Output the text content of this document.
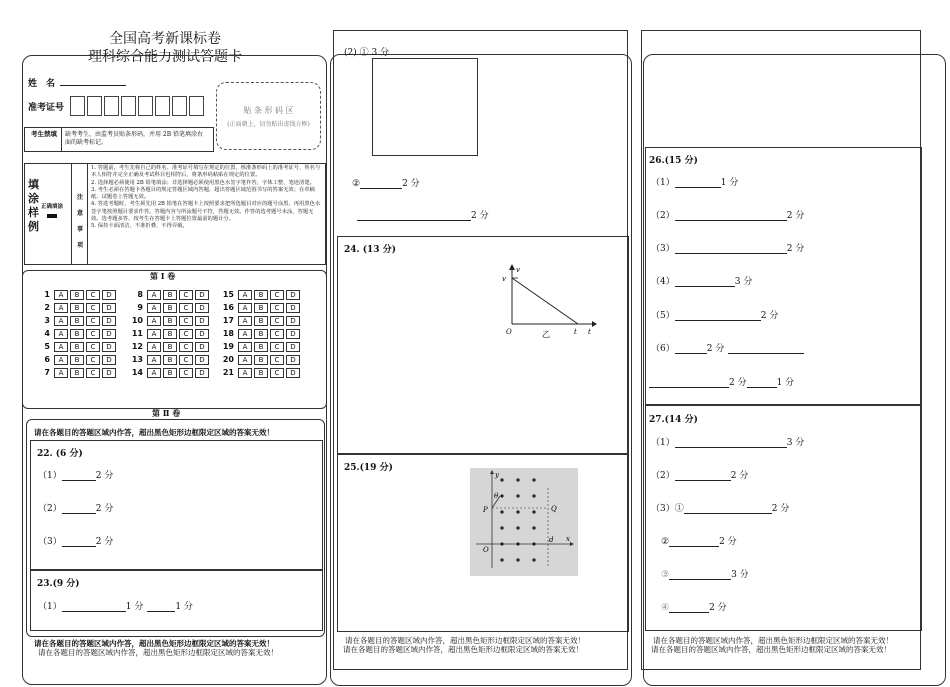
全国高考新课标卷
理科综合能力测试答题卡
姓　名
准考证号	贴 条 形 码 区
(正面朝上，切勿贴出虚线方框)
考生禁填 缺考考生，由监考员贴条形码，并用 2B 铅笔填涂右面的缺考标记。
填涂样例
正确填涂
注意事项
1. 答题前，考生先将自己的姓名、准考证号填写在规定的位置，核准条形码上的准考证号、姓名与本人相符并完全正确及考试科目也相符后，将条形码粘贴在规定的位置。
2. 选择题必须使用 2B 铅笔填涂；非选择题必须使用黑色水签字笔作答，字体工整、笔迹清楚。
3. 考生必须在答题卡各题目的规定答题区域内答题，超出答题区域范围书写的答案无效；在草稿纸、试题卷上答题无效。
4. 答选考题时，考生须先用 2B 铅笔在答题卡上按照要求把所选题目对应的题号涂黑，再用黑色水签字笔按照题目要求作答。答题内容与所涂题号不符，答题无效。作答的选考题号未涂，答题无效。选考题多答，按考生在答题卡上答题位置最前的题计分。
5. 保持卡面清洁，不准折叠、不得弄破。
第 Ⅰ 卷
1 A B C D
2 A B C D
3 A B C D
4 A B C D
5 A B C D
6 A B C D
7 A B C D
8 A B C D
9 A B C D
10 A B C D
11 A B C D
12 A B C D
13 A B C D
14 A B C D
15 A B C D
16 A B C D
17 A B C D
18 A B C D
19 A B C D
20 A B C D
21 A B C D
第 Ⅱ 卷
请在各题目的答题区域内作答，超出黑色矩形边框限定区域的答案无效！
22. (6 分)
（1）	2 分
（2）	2 分
（3）	2 分
23.(9 分)
（1）	1 分	1 分
请在各题目的答题区域内作答，超出黑色矩形边框限定区域的答案无效！
请在各题目的答题区域内作答，超出黑色矩形边框限定区域的答案无效！
(2) ① 3 分
②	2 分
2 分
24. (13 分)
v
v
O	t t
乙
25.(19 分)
y
θ
P	Q
O
d x
请在各题目的答题区域内作答，超出黑色矩形边框限定区域的答案无效！
请在各题目的答题区域内作答，超出黑色矩形边框限定区域的答案无效！
26.(15 分)
（1）	1 分
（2）	2 分
（3）	2 分
（4）	3 分
（5）	2 分
（6）	2 分
2 分	1 分
27.(14 分)
（1）	3 分
（2）	2 分
（3）①	2 分
②	2 分
③	3 分
④	2 分
请在各题目的答题区域内作答，超出黑色矩形边框限定区域的答案无效！
请在各题目的答题区域内作答，超出黑色矩形边框限定区域的答案无效！
